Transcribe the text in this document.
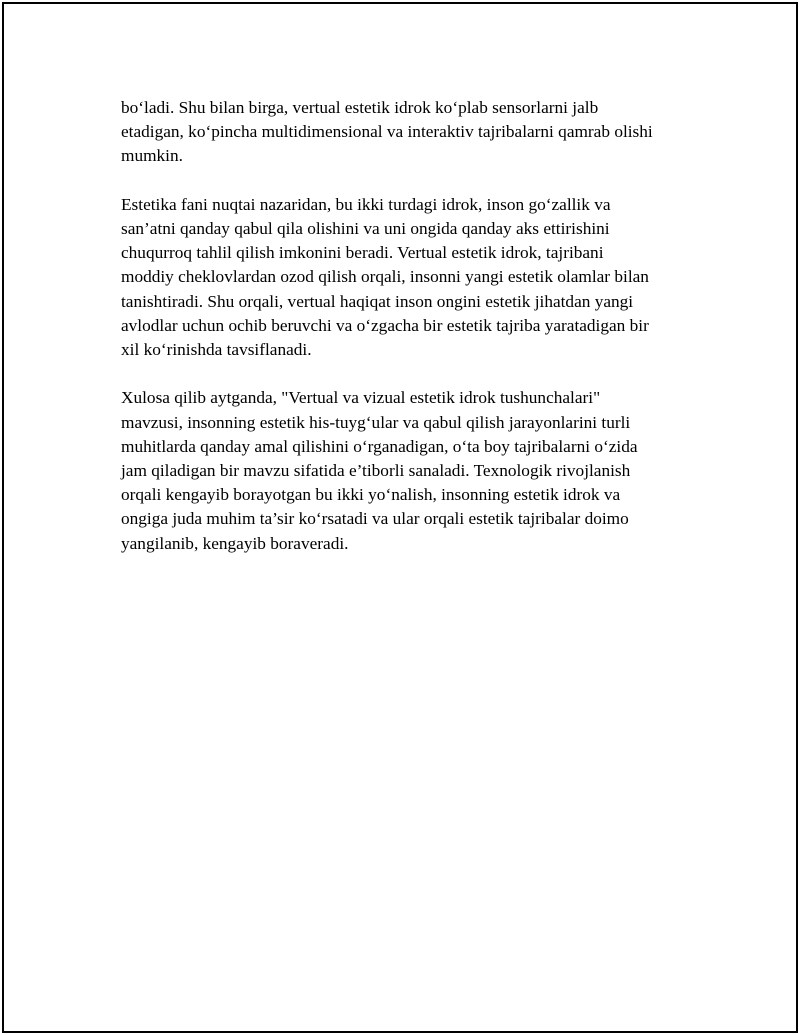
bo‘ladi. Shu bilan birga, vertual estetik idrok ko‘plab sensorlarni jalb
etadigan, ko‘pincha multidimensional va interaktiv tajribalarni qamrab olishi
mumkin.

Estetika fani nuqtai nazaridan, bu ikki turdagi idrok, inson go‘zallik va
san’atni qanday qabul qila olishini va uni ongida qanday aks ettirishini
chuqurroq tahlil qilish imkonini beradi. Vertual estetik idrok, tajribani
moddiy cheklovlardan ozod qilish orqali, insonni yangi estetik olamlar bilan
tanishtiradi. Shu orqali, vertual haqiqat inson ongini estetik jihatdan yangi
avlodlar uchun ochib beruvchi va o‘zgacha bir estetik tajriba yaratadigan bir
xil ko‘rinishda tavsiflanadi.

Xulosa qilib aytganda, "Vertual va vizual estetik idrok tushunchalari"
mavzusi, insonning estetik his-tuyg‘ular va qabul qilish jarayonlarini turli
muhitlarda qanday amal qilishini o‘rganadigan, o‘ta boy tajribalarni o‘zida
jam qiladigan bir mavzu sifatida e’tiborli sanaladi. Texnologik rivojlanish
orqali kengayib borayotgan bu ikki yo‘nalish, insonning estetik idrok va
ongiga juda muhim ta’sir ko‘rsatadi va ular orqali estetik tajribalar doimo
yangilanib, kengayib boraveradi.
